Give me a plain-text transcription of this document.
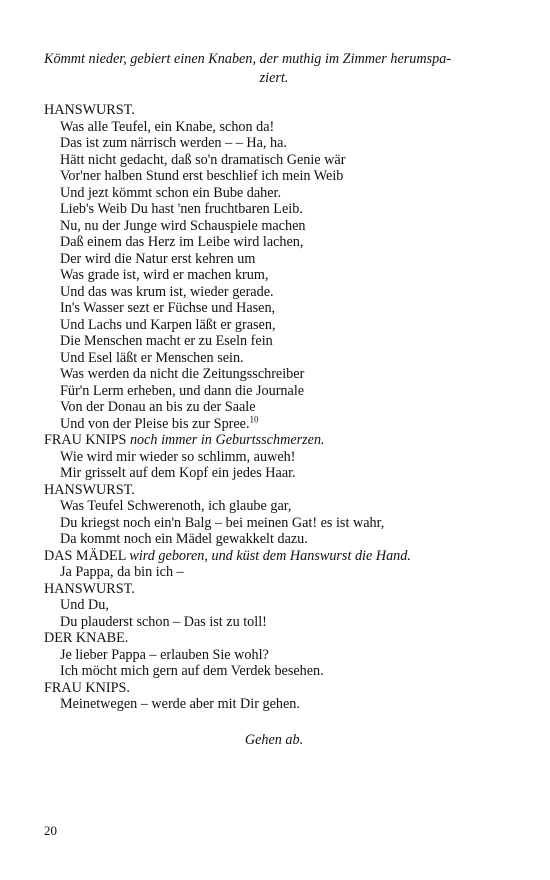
Kömmt nieder, gebiert einen Knaben, der muthig im Zimmer herumspa-
ziert.
HANSWURST.
Was alle Teufel, ein Knabe, schon da!
Das ist zum närrisch werden – – Ha, ha.
Hätt nicht gedacht, daß so'n dramatisch Genie wär
Vor'ner halben Stund erst beschlief ich mein Weib
Und jezt kömmt schon ein Bube daher.
Lieb's Weib Du hast 'nen fruchtbaren Leib.
Nu, nu der Junge wird Schauspiele machen
Daß einem das Herz im Leibe wird lachen,
Der wird die Natur erst kehren um
Was grade ist, wird er machen krum,
Und das was krum ist, wieder gerade.
In's Wasser sezt er Füchse und Hasen,
Und Lachs und Karpen läßt er grasen,
Die Menschen macht er zu Eseln fein
Und Esel läßt er Menschen sein.
Was werden da nicht die Zeitungsschreiber
Für'n Lerm erheben, und dann die Journale
Von der Donau an bis zu der Saale
Und von der Pleise bis zur Spree.$^{10}$
FRAU KNIPS noch immer in Geburtsschmerzen.
Wie wird mir wieder so schlimm, auweh!
Mir grisselt auf dem Kopf ein jedes Haar.
HANSWURST.
Was Teufel Schwerenoth, ich glaube gar,
Du kriegst noch ein'n Balg – bei meinen Gat! es ist wahr,
Da kommt noch ein Mädel gewakkelt dazu.
DAS MÄDEL wird geboren, und küst dem Hanswurst die Hand.
Ja Pappa, da bin ich –
HANSWURST.
Und Du,
Du plauderst schon – Das ist zu toll!
DER KNABE.
Je lieber Pappa – erlauben Sie wohl?
Ich möcht mich gern auf dem Verdek besehen.
FRAU KNIPS.
Meinetwegen – werde aber mit Dir gehen.
Gehen ab.
20
